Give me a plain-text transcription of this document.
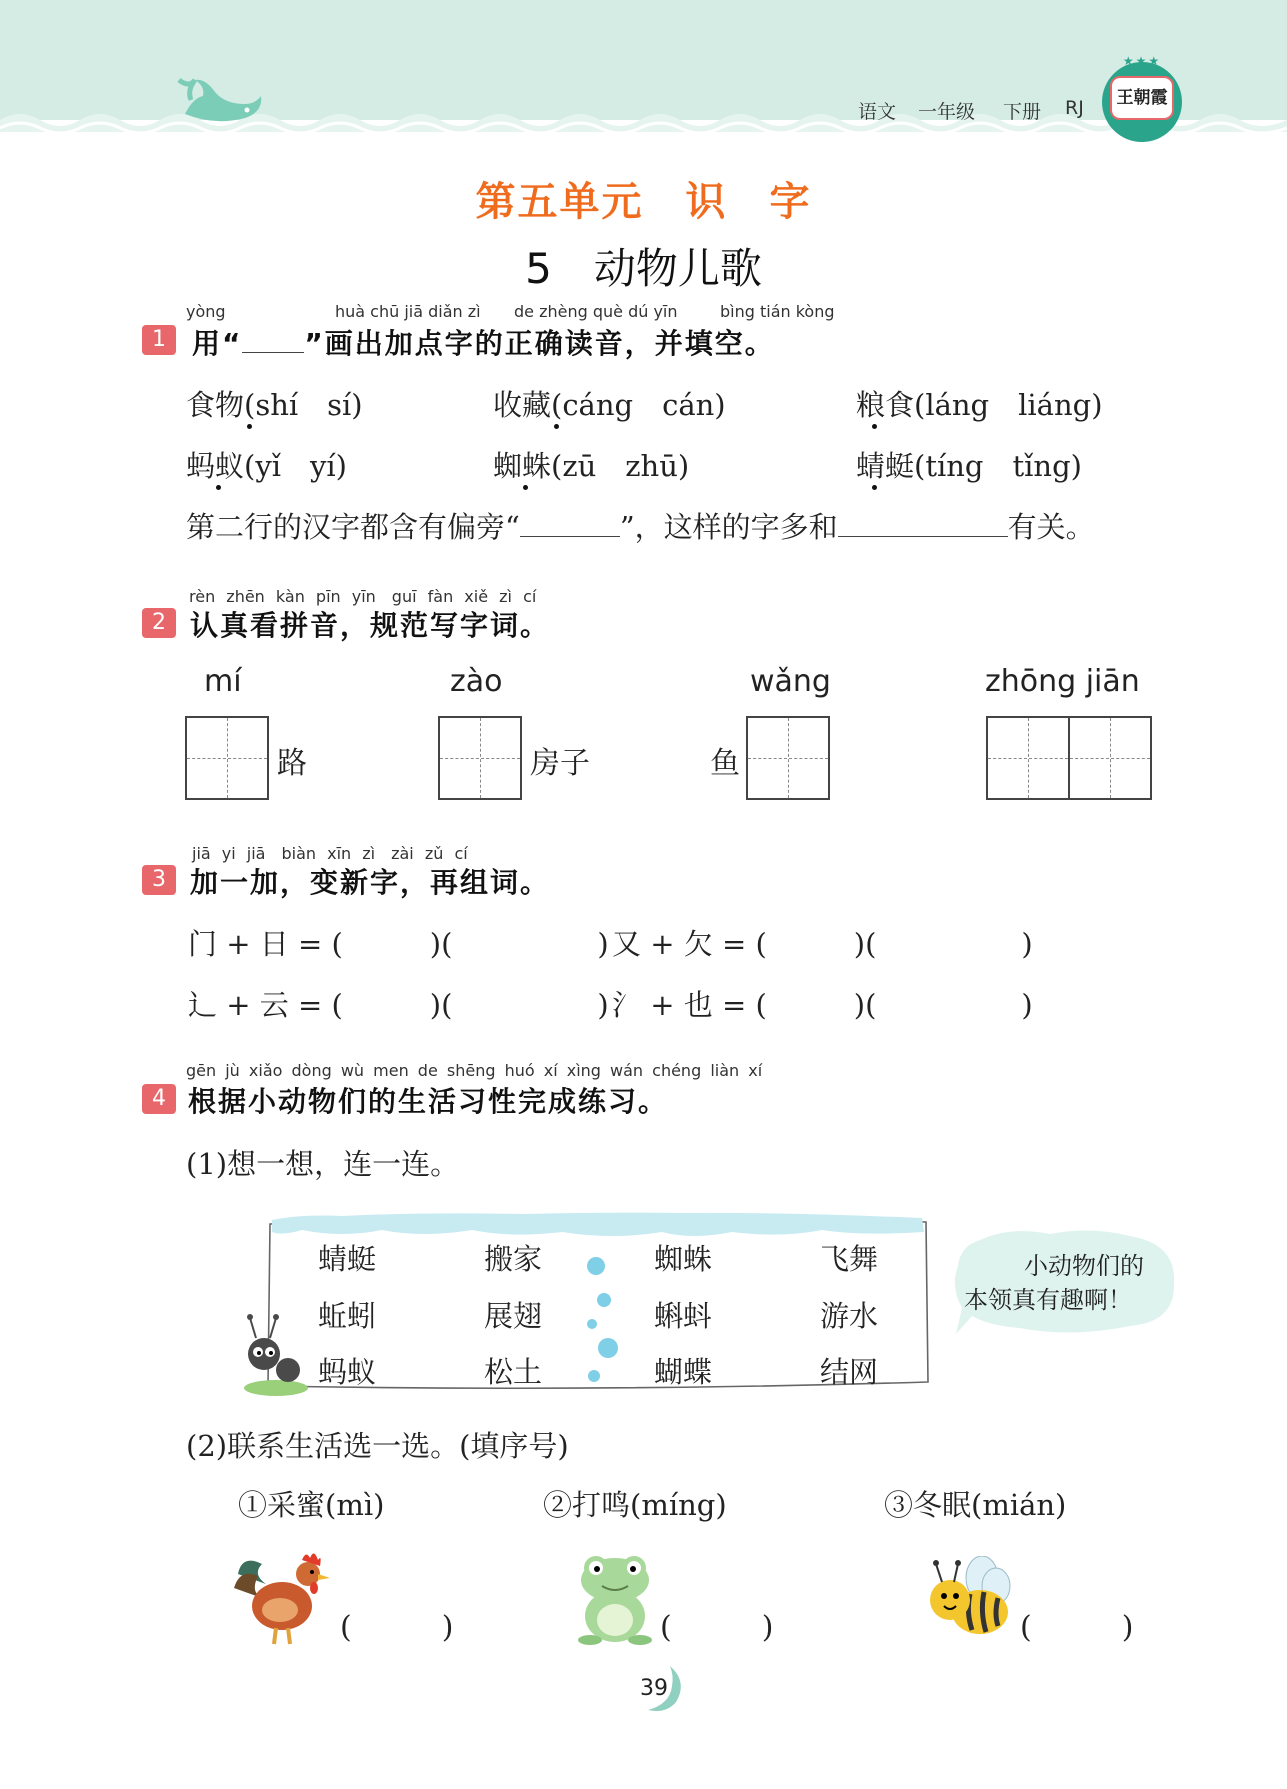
语文 一年级 下册 RJ	王朝霞
★★★
第五单元　识　字
5　动物儿歌
yòng	huà chū jiā diǎn zì de zhèng què dú yīn	bìng tián kòng
1 用“ ”画出加点字的正确读音，并填空。
食物(shí　sí)	收藏(cáng　cán)	粮食(láng　liáng)
蚂蚁(yǐ　yí)	蜘蛛(zū　zhū)	蜻蜓(tíng　tǐng)
第二行的汉字都含有偏旁“	”，这样的字多和	有关。
rèn zhēn kàn pīn yīn　guī fàn xiě zì cí
2 认真看拼音，规范写字词。
mí	zào	wǎng	zhōng jiān
路	房子	鱼
jiā yi jiā　biàn xīn zì　zài zǔ cí
3 加一加，变新字，再组词。
门 + 日 = (　　　)(　　　　　) 又 + 欠 = (　　　)(　　　　　)
辶 + 云 = (　　　)(　　　　　) 氵 + 也 = (　　　)(　　　　　)
gēn jù xiǎo dòng wù men de shēng huó xí xìng wán chéng liàn xí
4 根据小动物们的生活习性完成练习。
(1)想一想，连一连。
蜻蜓	搬家	蜘蛛	飞舞
蚯蚓	展翅	蝌蚪	游水
蚂蚁	松土	蝴蝶	结网
小动物们的
本领真有趣啊！
(2)联系生活选一选。(填序号)
①采蜜(mì)	②打鸣(míng)	③冬眠(mián)
(　　　)	(　　　)	(　　　)
39
